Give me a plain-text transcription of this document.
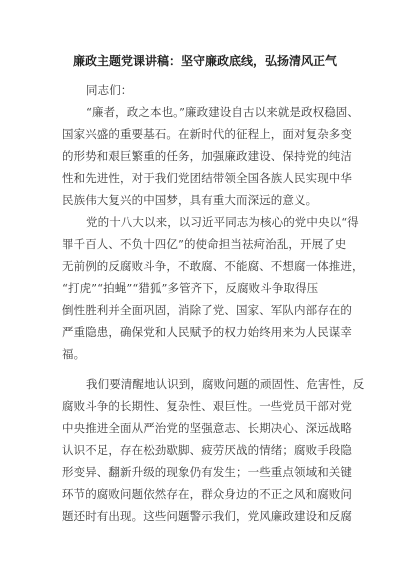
廉政主题党课讲稿：坚守廉政底线，弘扬清风正气
同志们：
“廉者，政之本也。”廉政建设自古以来就是政权稳固、
国家兴盛的重要基石。在新时代的征程上，面对复杂多变
的形势和艰巨繁重的任务，加强廉政建设、保持党的纯洁
性和先进性，对于我们党团结带领全国各族人民实现中华
民族伟大复兴的中国梦，具有重大而深远的意义。
党的十八大以来，以习近平同志为核心的党中央以“得
罪千百人、不负十四亿”的使命担当祛疴治乱，开展了史
无前例的反腐败斗争，不敢腐、不能腐、不想腐一体推进，
“打虎”“拍蝇”“猎狐”多管齐下，反腐败斗争取得压
倒性胜利并全面巩固，消除了党、国家、军队内部存在的
严重隐患，确保党和人民赋予的权力始终用来为人民谋幸
福。
我们要清醒地认识到，腐败问题的顽固性、危害性，反
腐败斗争的长期性、复杂性、艰巨性。一些党员干部对党
中央推进全面从严治党的坚强意志、长期决心、深远战略
认识不足，存在松劲歇脚、疲劳厌战的情绪；腐败手段隐
形变异、翻新升级的现象仍有发生；一些重点领域和关键
环节的腐败问题依然存在，群众身边的不正之风和腐败问
题还时有出现。这些问题警示我们，党风廉政建设和反腐
